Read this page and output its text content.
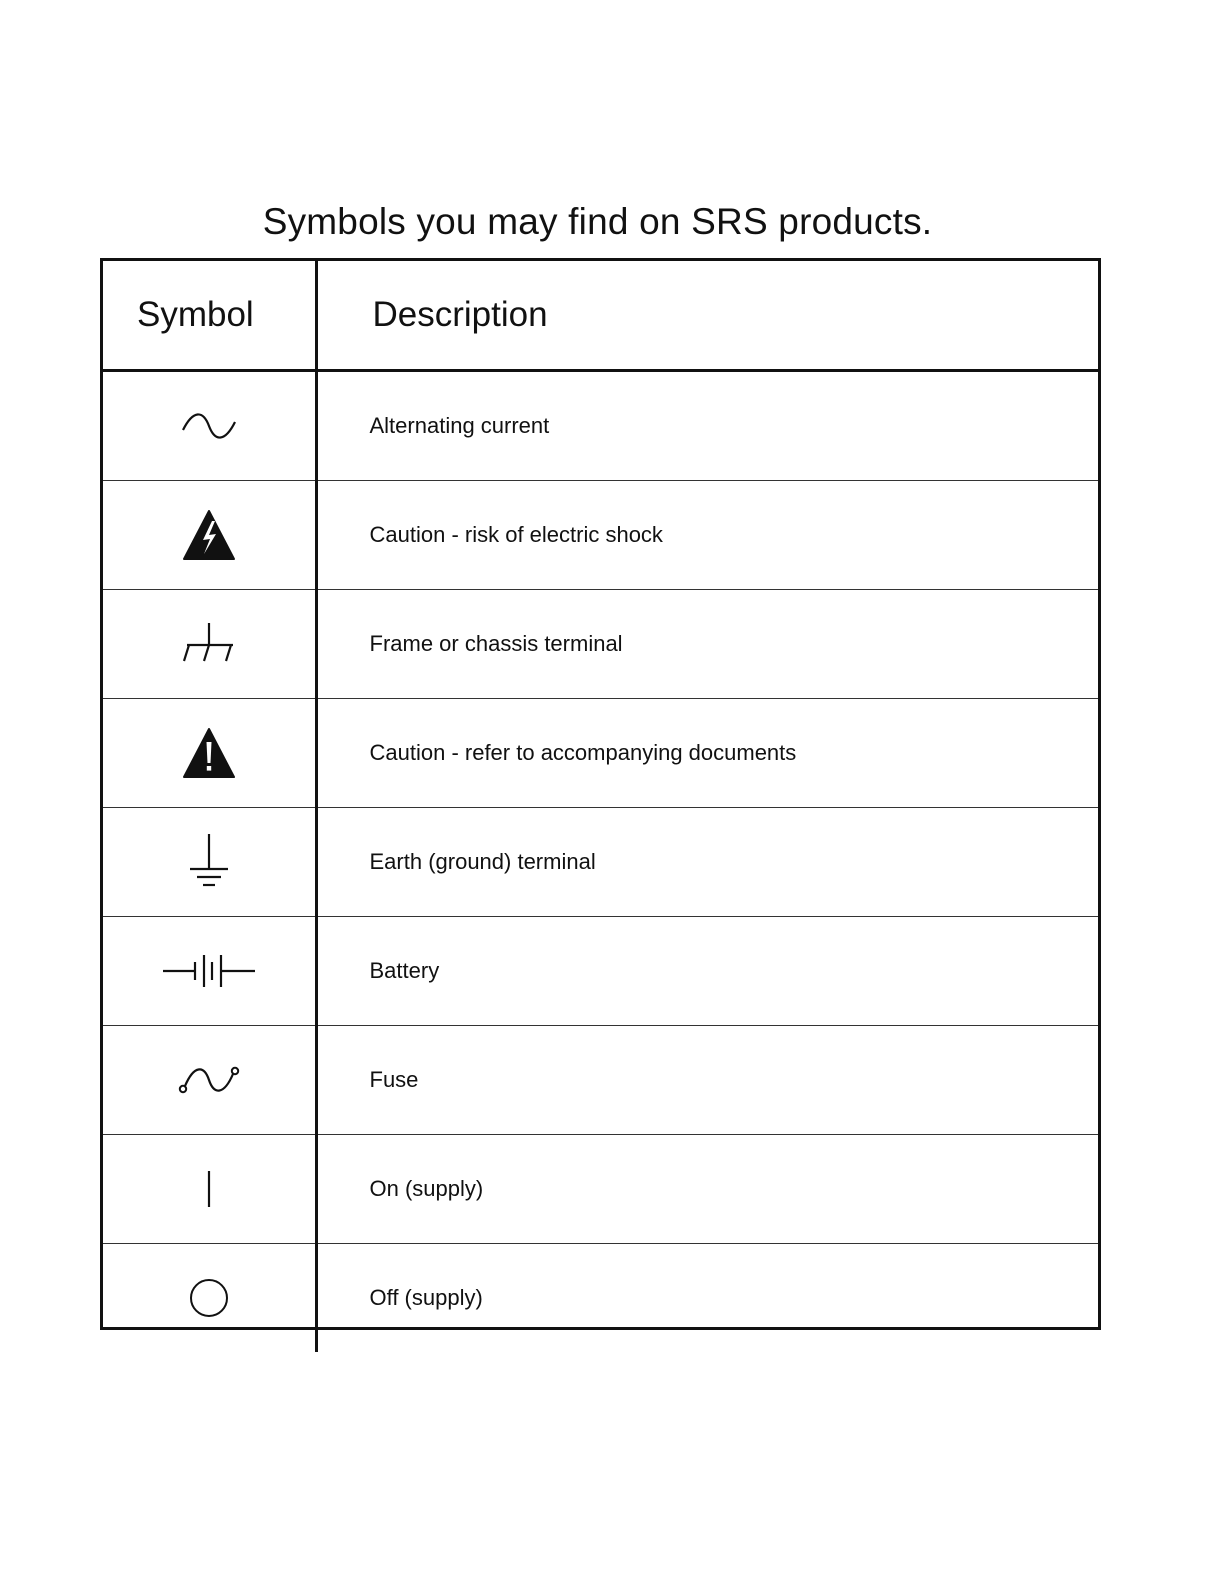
Symbols you may find on SRS products.
Symbol	Description
	Alternating current
	Caution - risk of electric shock
	Frame or chassis terminal
	Caution - refer to accompanying documents
	Earth (ground) terminal
	Battery
	Fuse
	On (supply)
	Off (supply)
